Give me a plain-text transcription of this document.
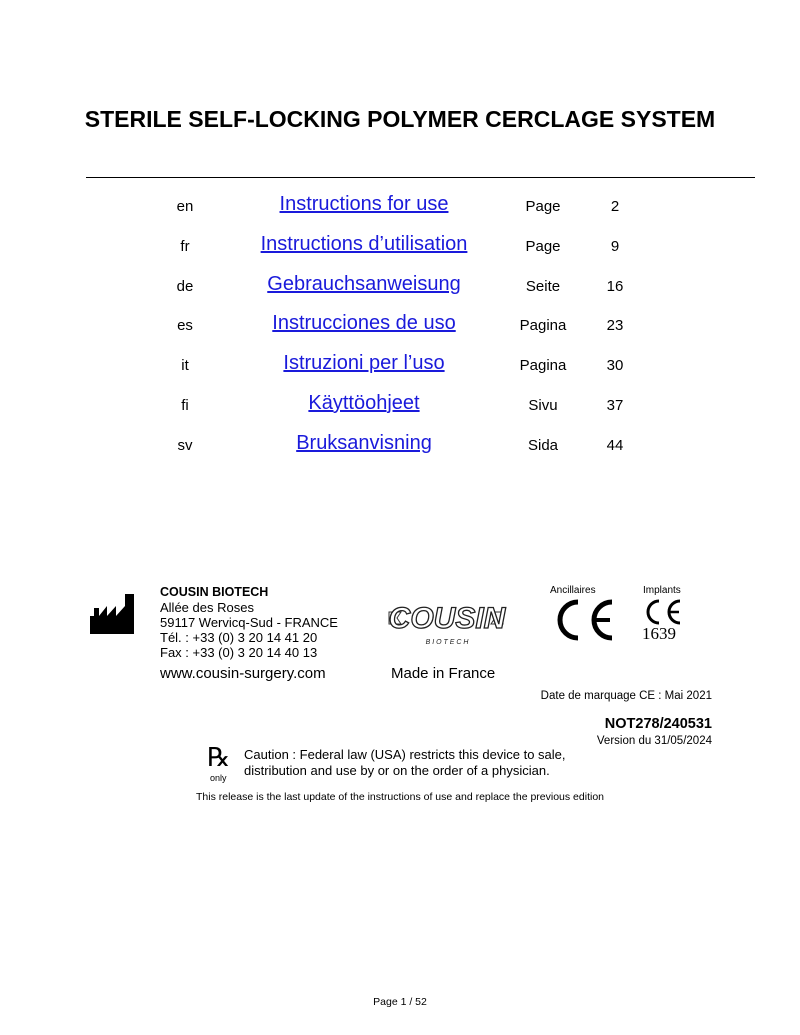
STERILE SELF-LOCKING POLYMER CERCLAGE SYSTEM
en	Instructions for use	Page	2
fr	Instructions d’utilisation	Page	9
de	Gebrauchsanweisung	Seite	16
es	Instrucciones de uso	Pagina	23
it	Istruzioni per l’uso	Pagina	30
fi	Käyttöohjeet	Sivu	37
sv	Bruksanvisning	Sida	44
COUSIN BIOTECH
Allée des Roses
59117 Wervicq-Sud - FRANCE
Tél. : +33 (0) 3 20 14 41 20
Fax : +33 (0) 3 20 14 40 13
www.cousin-surgery.com
COUSIN
B I O T E C H
Made in France
Ancillaires	Implants
1639
Date de marquage CE : Mai 2021
NOT278/240531
Version du 31/05/2024
℞
only
Caution : Federal law (USA) restricts this device to sale,
distribution and use by or on the order of a physician.
This release is the last update of the instructions of use and replace the previous edition
Page 1 / 52
